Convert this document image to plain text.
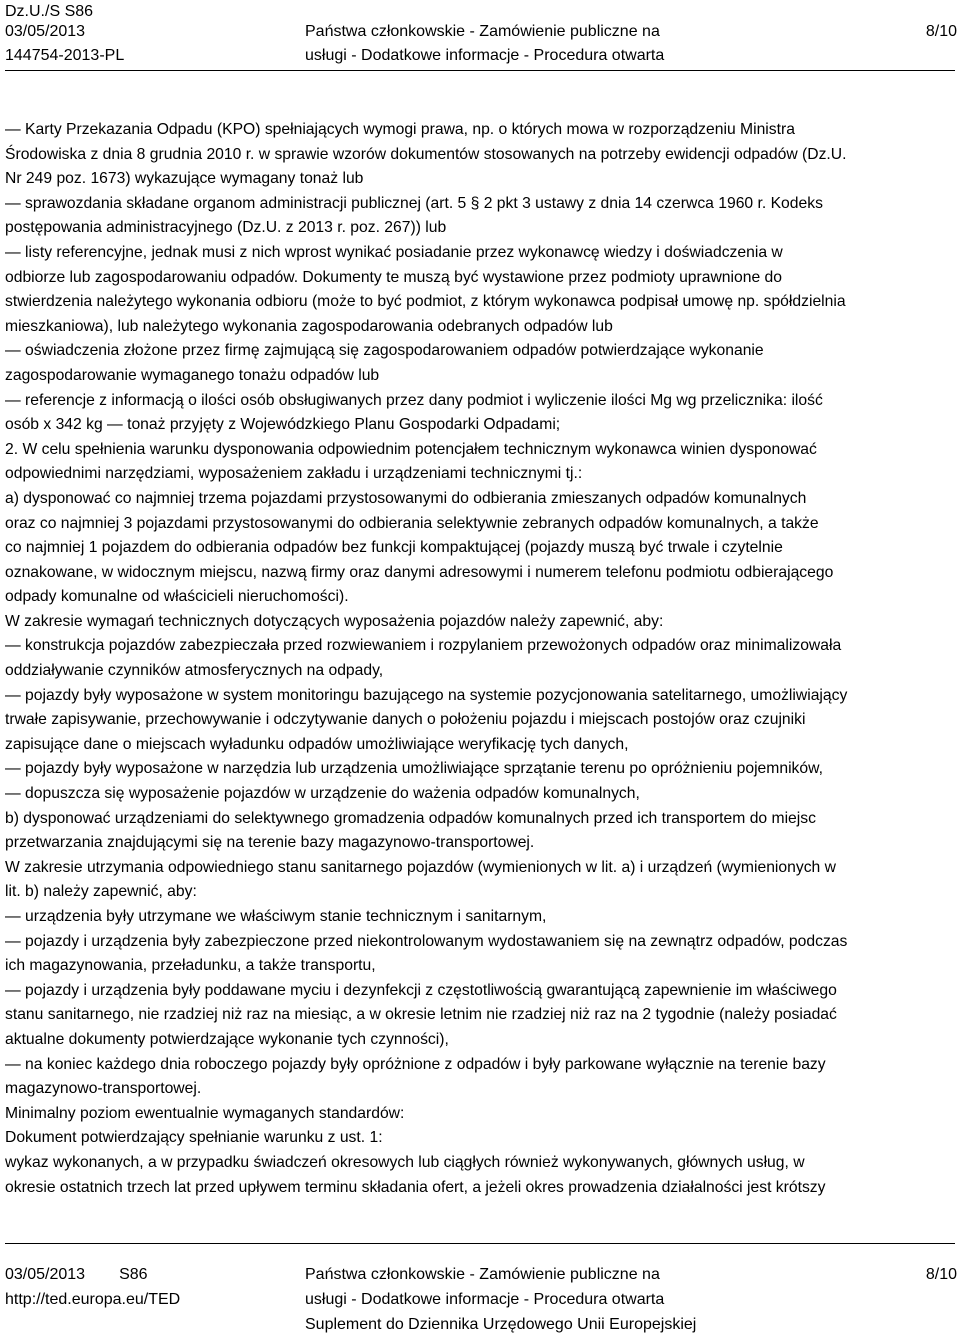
Dz.U./S S86
03/05/2013
144754-2013-PL
Państwa członkowskie - Zamówienie publiczne na
usługi - Dodatkowe informacje - Procedura otwarta
8/10
— Karty Przekazania Odpadu (KPO) spełniających wymogi prawa, np. o których mowa w rozporządzeniu Ministra
Środowiska z dnia 8 grudnia 2010 r. w sprawie wzorów dokumentów stosowanych na potrzeby ewidencji odpadów (Dz.U.
Nr 249 poz. 1673) wykazujące wymagany tonaż lub
— sprawozdania składane organom administracji publicznej (art. 5 § 2 pkt 3 ustawy z dnia 14 czerwca 1960 r. Kodeks
postępowania administracyjnego (Dz.U. z 2013 r. poz. 267)) lub
— listy referencyjne, jednak musi z nich wprost wynikać posiadanie przez wykonawcę wiedzy i doświadczenia w
odbiorze lub zagospodarowaniu odpadów. Dokumenty te muszą być wystawione przez podmioty uprawnione do
stwierdzenia należytego wykonania odbioru (może to być podmiot, z którym wykonawca podpisał umowę np. spółdzielnia
mieszkaniowa), lub należytego wykonania zagospodarowania odebranych odpadów lub
— oświadczenia złożone przez firmę zajmującą się zagospodarowaniem odpadów potwierdzające wykonanie
zagospodarowanie wymaganego tonażu odpadów lub
— referencje z informacją o ilości osób obsługiwanych przez dany podmiot i wyliczenie ilości Mg wg przelicznika: ilość
osób x 342 kg — tonaż przyjęty z Wojewódzkiego Planu Gospodarki Odpadami;
2. W celu spełnienia warunku dysponowania odpowiednim potencjałem technicznym wykonawca winien dysponować
odpowiednimi narzędziami, wyposażeniem zakładu i urządzeniami technicznymi tj.:
a) dysponować co najmniej trzema pojazdami przystosowanymi do odbierania zmieszanych odpadów komunalnych
oraz co najmniej 3 pojazdami przystosowanymi do odbierania selektywnie zebranych odpadów komunalnych, a także
co najmniej 1 pojazdem do odbierania odpadów bez funkcji kompaktującej (pojazdy muszą być trwale i czytelnie
oznakowane, w widocznym miejscu, nazwą firmy oraz danymi adresowymi i numerem telefonu podmiotu odbierającego
odpady komunalne od właścicieli nieruchomości).
W zakresie wymagań technicznych dotyczących wyposażenia pojazdów należy zapewnić, aby:
— konstrukcja pojazdów zabezpieczała przed rozwiewaniem i rozpylaniem przewożonych odpadów oraz minimalizowała
oddziaływanie czynników atmosferycznych na odpady,
— pojazdy były wyposażone w system monitoringu bazującego na systemie pozycjonowania satelitarnego, umożliwiający
trwałe zapisywanie, przechowywanie i odczytywanie danych o położeniu pojazdu i miejscach postojów oraz czujniki
zapisujące dane o miejscach wyładunku odpadów umożliwiające weryfikację tych danych,
— pojazdy były wyposażone w narzędzia lub urządzenia umożliwiające sprzątanie terenu po opróżnieniu pojemników,
— dopuszcza się wyposażenie pojazdów w urządzenie do ważenia odpadów komunalnych,
b) dysponować urządzeniami do selektywnego gromadzenia odpadów komunalnych przed ich transportem do miejsc
przetwarzania znajdującymi się na terenie bazy magazynowo-transportowej.
W zakresie utrzymania odpowiedniego stanu sanitarnego pojazdów (wymienionych w lit. a) i urządzeń (wymienionych w
lit. b) należy zapewnić, aby:
— urządzenia były utrzymane we właściwym stanie technicznym i sanitarnym,
— pojazdy i urządzenia były zabezpieczone przed niekontrolowanym wydostawaniem się na zewnątrz odpadów, podczas
ich magazynowania, przeładunku, a także transportu,
— pojazdy i urządzenia były poddawane myciu i dezynfekcji z częstotliwością gwarantującą zapewnienie im właściwego
stanu sanitarnego, nie rzadziej niż raz na miesiąc, a w okresie letnim nie rzadziej niż raz na 2 tygodnie (należy posiadać
aktualne dokumenty potwierdzające wykonanie tych czynności),
— na koniec każdego dnia roboczego pojazdy były opróżnione z odpadów i były parkowane wyłącznie na terenie bazy
magazynowo-transportowej.
Minimalny poziom ewentualnie wymaganych standardów:
Dokument potwierdzający spełnianie warunku z ust. 1:
wykaz wykonanych, a w przypadku świadczeń okresowych lub ciągłych również wykonywanych, głównych usług, w
okresie ostatnich trzech lat przed upływem terminu składania ofert, a jeżeli okres prowadzenia działalności jest krótszy
03/05/2013 S86
http://ted.europa.eu/TED
Państwa członkowskie - Zamówienie publiczne na
usługi - Dodatkowe informacje - Procedura otwarta
Suplement do Dziennika Urzędowego Unii Europejskiej
8/10
